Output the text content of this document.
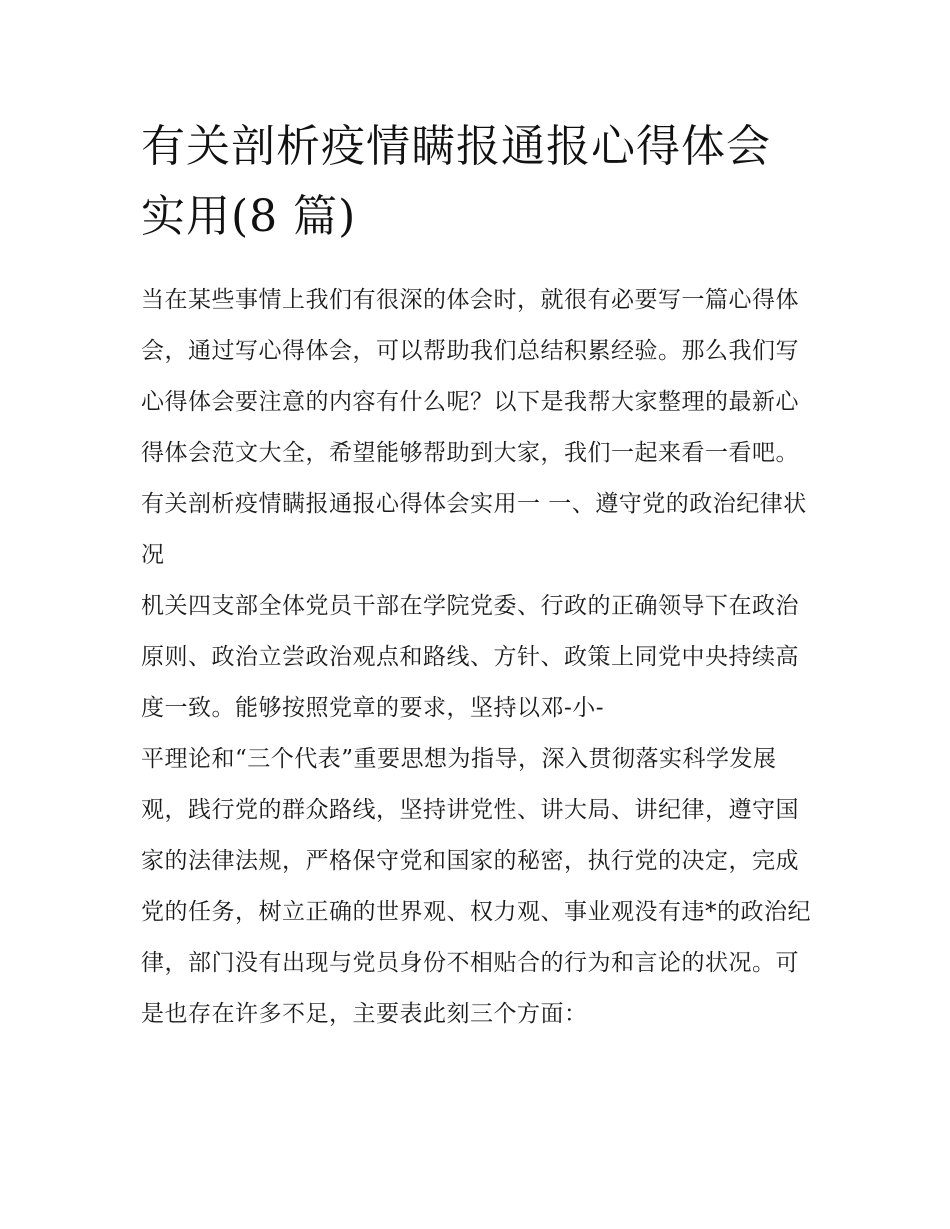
有关剖析疫情瞒报通报心得体会实用(8 篇)

当在某些事情上我们有很深的体会时，就很有必要写一篇心得体会，通过写心得体会，可以帮助我们总结积累经验。那么我们写心得体会要注意的内容有什么呢？以下是我帮大家整理的最新心得体会范文大全，希望能够帮助到大家，我们一起来看一看吧。

有关剖析疫情瞒报通报心得体会实用一 一、遵守党的政治纪律状况

机关四支部全体党员干部在学院党委、行政的正确领导下在政治原则、政治立尝政治观点和路线、方针、政策上同党中央持续高度一致。能够按照党章的要求，坚持以邓-小-

平理论和“三个代表”重要思想为指导，深入贯彻落实科学发展观，践行党的群众路线，坚持讲党性、讲大局、讲纪律，遵守国家的法律法规，严格保守党和国家的秘密，执行党的决定，完成党的任务，树立正确的世界观、权力观、事业观没有违*的政治纪律，部门没有出现与党员身份不相贴合的行为和言论的状况。可是也存在许多不足，主要表此刻三个方面：
